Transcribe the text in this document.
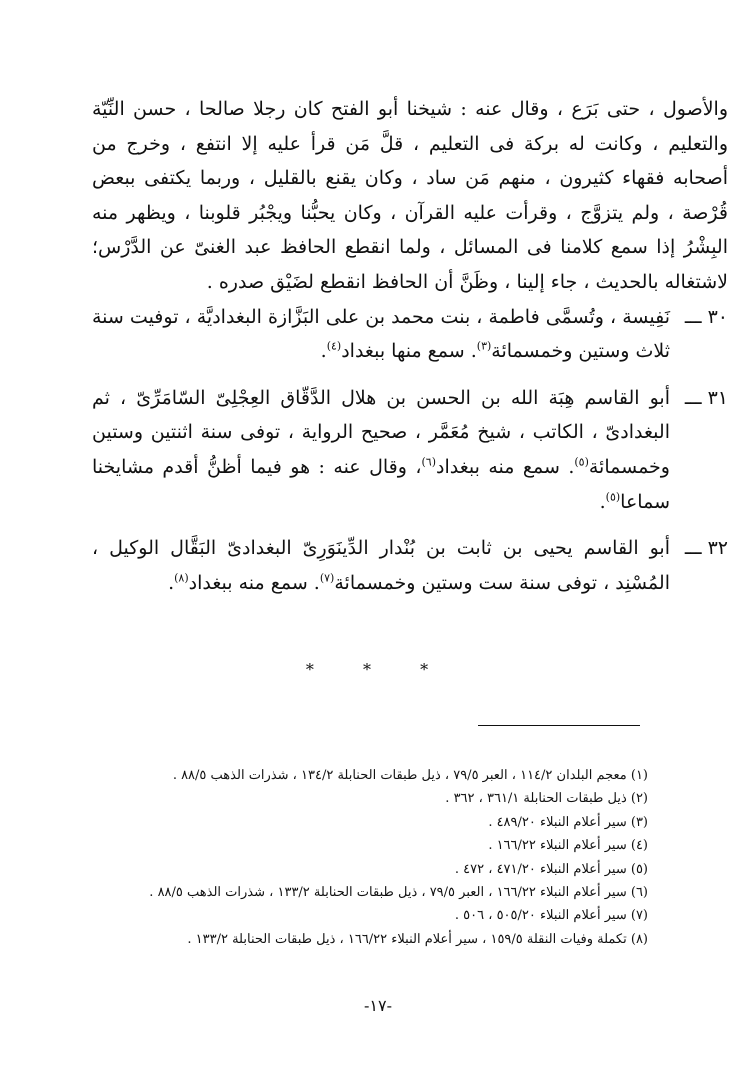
والأصول ، حتى بَرَع ، وقال عنه : شيخنا أبو الفتح كان رجلا صالحا ، حسن النِّيّة والتعليم ، وكانت له بركة فى التعليم ، قلَّ مَن قرأ عليه إلا انتفع ، وخرج من أصحابه فقهاء كثيرون ، منهم مَن ساد ، وكان يقنع بالقليل ، وربما يكتفى ببعض قُرْصة ، ولم يتزوَّج ، وقرأت عليه القرآن ، وكان يحبُّنا ويجْبُر قلوبنا ، ويظهر منه البِشْرُ إذا سمع كلامنا فى المسائل ، ولما انقطع الحافظ عبد الغنىّ عن الدَّرْس؛ لاشتغاله بالحديث ، جاء إلينا ، وظَنَّ أن الحافظ انقطع لضَيْق صدره .

٣٠ ـــ
نَفِيسة ، وتُسمَّى فاطمة ، بنت محمد بن على البَزَّازة البغداديَّة ، توفيت سنة ثلاث وستين وخمسمائة$^{(٣)}$. سمع منها ببغداد$^{(٤)}$.
٣١ ـــ
أبو القاسم هِبَة الله بن الحسن بن هلال الدَّقّاق العِجْلِىّ السّامَرِّىّ ، ثم البغدادىّ ، الكاتب ، شيخ مُعَمَّر ، صحيح الرواية ، توفى سنة اثنتين وستين وخمسمائة$^{(٥)}$. سمع منه ببغداد$^{(٦)}$، وقال عنه : هو فيما أظنُّ أقدم مشايخنا سماعا$^{(٥)}$.
٣٢ ـــ
أبو القاسم يحيى بن ثابت بن بُنْدار الدِّينَوَرِىّ البغدادىّ البَقَّال الوكيل ، المُسْنِد ، توفى سنة ست وستين وخمسمائة$^{(٧)}$. سمع منه ببغداد$^{(٨)}$.
* * *

(١) معجم البلدان ١١٤/٢ ، العبر ٧٩/٥ ، ذيل طبقات الحنابلة ١٣٤/٢ ، شذرات الذهب ٨٨/٥ .

(٢) ذيل طبقات الحنابلة ٣٦١/١ ، ٣٦٢ .

(٣) سير أعلام النبلاء ٤٨٩/٢٠ .

(٤) سير أعلام النبلاء ١٦٦/٢٢ .

(٥) سير أعلام النبلاء ٤٧١/٢٠ ، ٤٧٢ .

(٦) سير أعلام النبلاء ١٦٦/٢٢ ، العبر ٧٩/٥ ، ذيل طبقات الحنابلة ١٣٣/٢ ، شذرات الذهب ٨٨/٥ .

(٧) سير أعلام النبلاء ٥٠٥/٢٠ ، ٥٠٦ .

(٨) تكملة وفيات النقلة ١٥٩/٥ ، سير أعلام النبلاء ١٦٦/٢٢ ، ذيل طبقات الحنابلة ١٣٣/٢ .

-١٧-
